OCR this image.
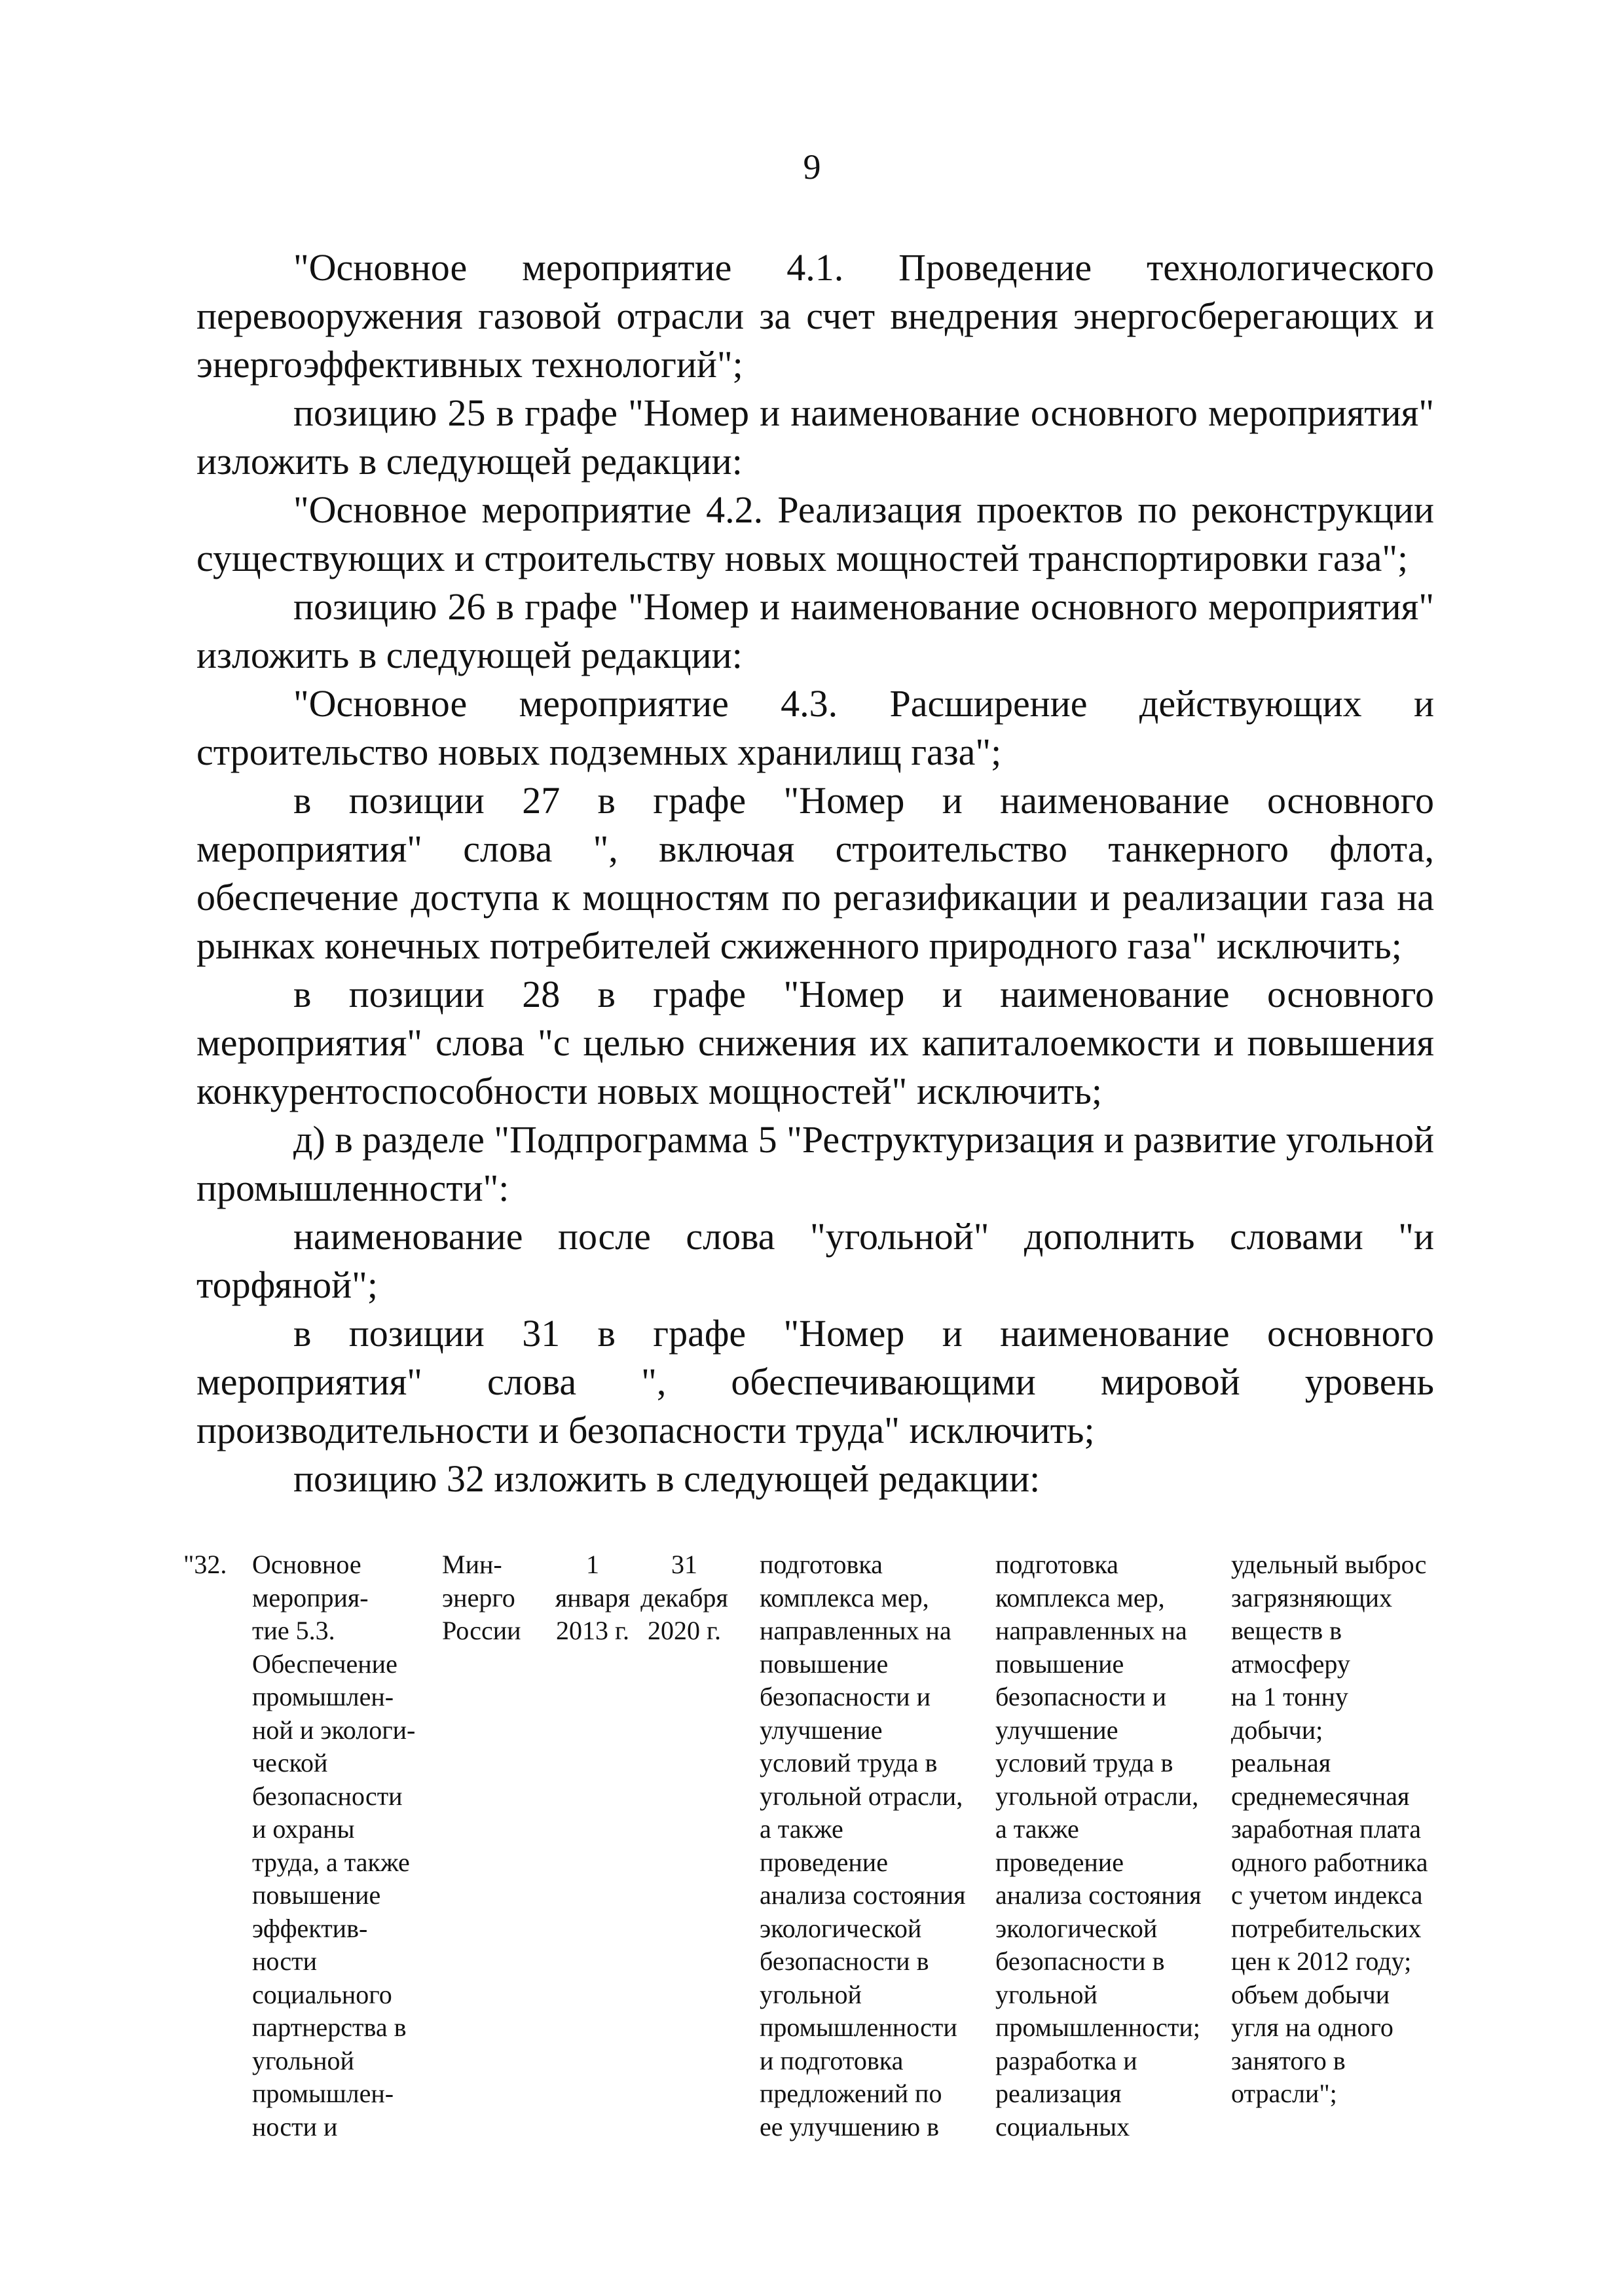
9

"Основное мероприятие 4.1. Проведение технологического перевооружения газовой отрасли за счет внедрения энергосберегающих и энергоэффективных технологий";

позицию 25 в графе "Номер и наименование основного мероприятия" изложить в следующей редакции:

"Основное мероприятие 4.2. Реализация проектов по реконструкции существующих и строительству новых мощностей транспортировки газа";

позицию 26 в графе "Номер и наименование основного мероприятия" изложить в следующей редакции:

"Основное мероприятие 4.3. Расширение действующих и строительство новых подземных хранилищ газа";

в позиции 27 в графе "Номер и наименование основного мероприятия" слова ", включая строительство танкерного флота, обеспечение доступа к мощностям по регазификации и реализации газа на рынках конечных потребителей сжиженного природного газа" исключить;

в позиции 28 в графе "Номер и наименование основного мероприятия" слова "с целью снижения их капиталоемкости и повышения конкурентоспособности новых мощностей" исключить;

д) в разделе "Подпрограмма 5 "Реструктуризация и развитие угольной промышленности":

наименование после слова "угольной" дополнить словами "и торфяной";

в позиции 31 в графе "Номер и наименование основного мероприятия" слова ", обеспечивающими мировой уровень производительности и безопасности труда" исключить;

позицию 32 изложить в следующей редакции:

"32. Основное
мероприя-
тие 5.3.
Обеспечение
промышлен-
ной и экологи-
ческой
безопасности
и охраны
труда, а также
повышение
эффектив-
ности
социального
партнерства в
угольной
промышлен-
ности и
Мин-
энерго
России
1
января
2013 г.
31
декабря
2020 г.
подготовка
комплекса мер,
направленных на
повышение
безопасности и
улучшение
условий труда в
угольной отрасли,
а также
проведение
анализа состояния
экологической
безопасности в
угольной
промышленности
и подготовка
предложений по
ее улучшению в
подготовка
комплекса мер,
направленных на
повышение
безопасности и
улучшение
условий труда в
угольной отрасли,
а также
проведение
анализа состояния
экологической
безопасности в
угольной
промышленности;
разработка и
реализация
социальных
удельный выброс
загрязняющих
веществ в
атмосферу
на 1 тонну
добычи;
реальная
среднемесячная
заработная плата
одного работника
с учетом индекса
потребительских
цен к 2012 году;
объем добычи
угля на одного
занятого в
отрасли";
